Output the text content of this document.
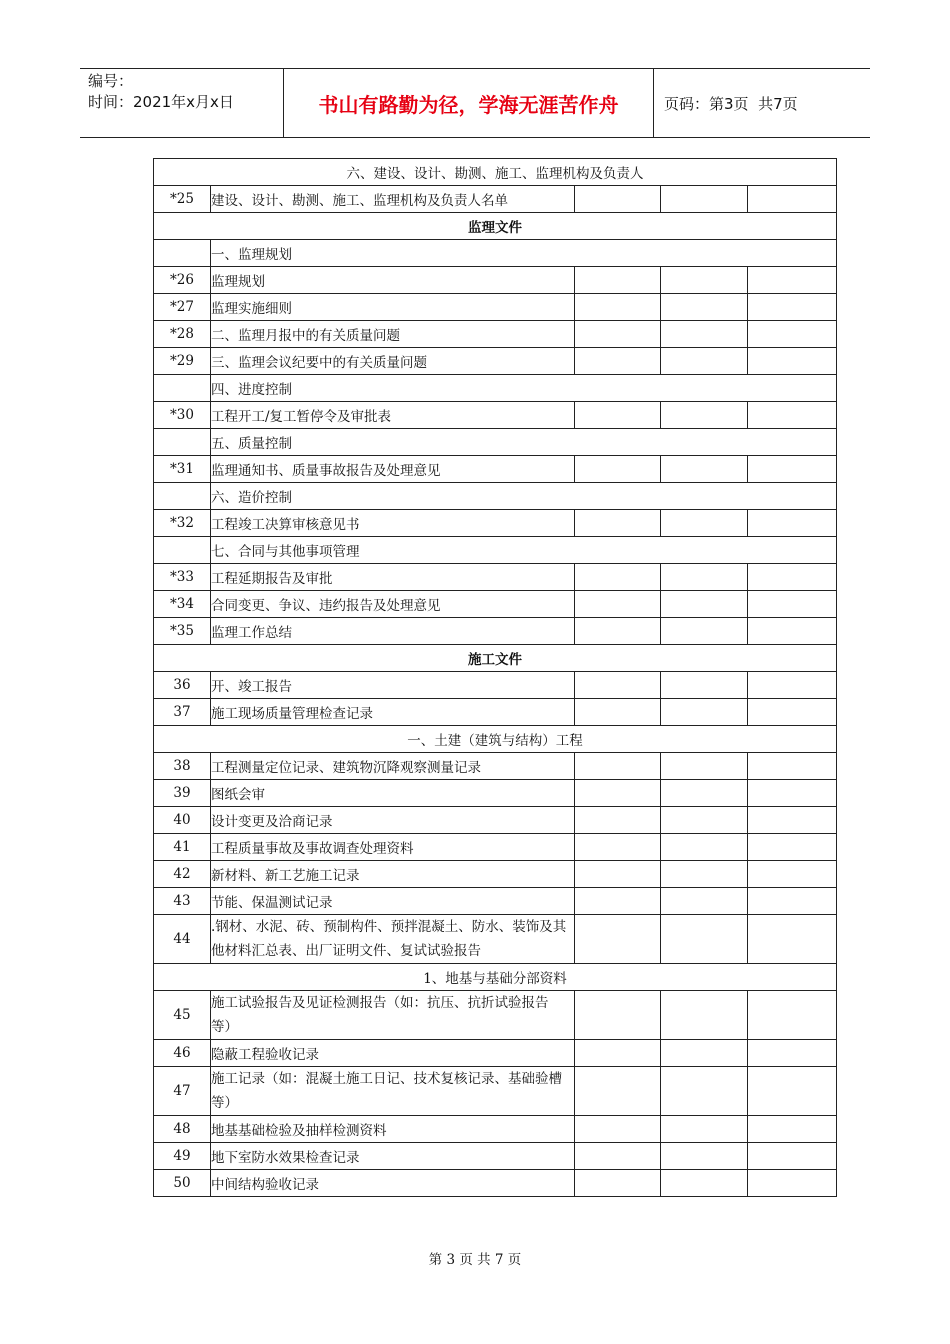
编号：
时间：2021年x月x日	书山有路勤为径，学海无涯苦作舟	页码：第3页  共7页
六、建设、设计、勘测、施工、监理机构及负责人				
*25	建设、设计、勘测、施工、监理机构及负责人名单			
监理文件				
	一、监理规划			
*26	监理规划			
*27	监理实施细则			
*28	二、监理月报中的有关质量问题			
*29	三、监理会议纪要中的有关质量问题			
	四、进度控制			
*30	工程开工/复工暂停令及审批表			
	五、质量控制			
*31	监理通知书、质量事故报告及处理意见			
	六、造价控制			
*32	工程竣工决算审核意见书			
	七、合同与其他事项管理			
*33	工程延期报告及审批			
*34	合同变更、争议、违约报告及处理意见			
*35	监理工作总结			
施工文件				
36	开、竣工报告			
37	施工现场质量管理检查记录			
一、土建（建筑与结构）工程				
38	工程测量定位记录、建筑物沉降观察测量记录			
39	图纸会审			
40	设计变更及洽商记录			
41	工程质量事故及事故调查处理资料			
42	新材料、新工艺施工记录			
43	节能、保温测试记录			
44	.钢材、水泥、砖、预制构件、预拌混凝土、防水、装饰及其他材料汇总表、出厂证明文件、复试试验报告			
1、地基与基础分部资料				
45	施工试验报告及见证检测报告（如：抗压、抗折试验报告等）			
46	隐蔽工程验收记录			
47	施工记录（如：混凝土施工日记、技术复核记录、基础验槽等）			
48	地基基础检验及抽样检测资料			
49	地下室防水效果检查记录			
50	中间结构验收记录			
第 3 页 共 7 页
